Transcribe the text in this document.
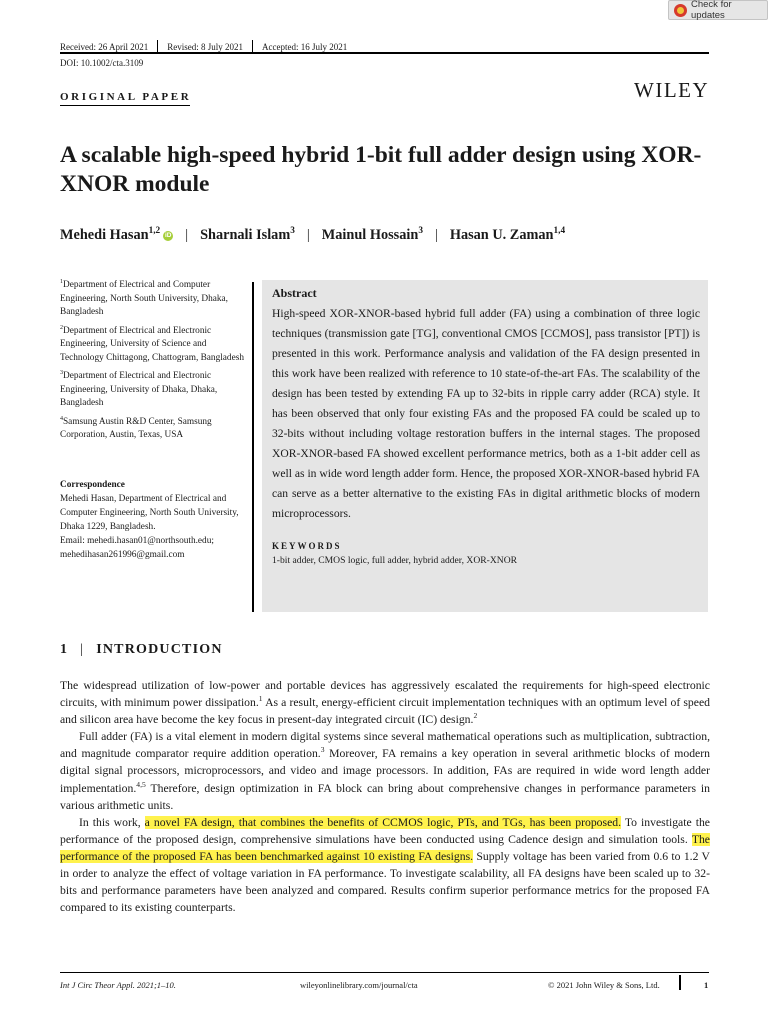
Check for updates
Received: 26 April 2021 Revised: 8 July 2021 Accepted: 16 July 2021
DOI: 10.1002/cta.3109
ORIGINAL PAPER	WILEY
A scalable high-speed hybrid 1-bit full adder design using XOR-XNOR module
Mehedi Hasan$^{1,2}$ iD | Sharnali Islam$^3$ | Mainul Hossain$^3$ | Hasan U. Zaman$^{1,4}$
$^1$Department of Electrical and Computer Engineering, North South University, Dhaka, Bangladesh
$^2$Department of Electrical and Electronic Engineering, University of Science and Technology Chittagong, Chattogram, Bangladesh
$^3$Department of Electrical and Electronic Engineering, University of Dhaka, Dhaka, Bangladesh
$^4$Samsung Austin R&D Center, Samsung Corporation, Austin, Texas, USA
Correspondence
Mehedi Hasan, Department of Electrical and Computer Engineering, North South University, Dhaka 1229, Bangladesh.
Email: mehedi.hasan01@northsouth.edu; mehedihasan261996@gmail.com
Abstract
High-speed XOR-XNOR-based hybrid full adder (FA) using a combination of three logic techniques (transmission gate [TG], conventional CMOS [CCMOS], pass transistor [PT]) is presented in this work. Performance analysis and validation of the FA design presented in this work have been realized with reference to 10 state-of-the-art FAs. The scalability of the design has been tested by extending FA up to 32-bits in ripple carry adder (RCA) style. It has been observed that only four existing FAs and the proposed FA could be scaled up to 32-bits without including voltage restoration buffers in the internal stages. The proposed XOR-XNOR-based FA showed excellent performance metrics, both as a 1-bit adder cell as well as in wide word length adder form. Hence, the proposed XOR-XNOR-based hybrid FA can serve as a better alternative to the existing FAs in digital arithmetic blocks of modern microprocessors.
KEYWORDS
1-bit adder, CMOS logic, full adder, hybrid adder, XOR-XNOR
1 | INTRODUCTION

The widespread utilization of low-power and portable devices has aggressively escalated the requirements for high-speed electronic circuits, with minimum power dissipation.$^1$ As a result, energy-efficient circuit implementation techniques with an optimum level of speed and silicon area have become the key focus in present-day integrated circuit (IC) design.$^2$

Full adder (FA) is a vital element in modern digital systems since several mathematical operations such as multiplication, subtraction, and magnitude comparator require addition operation.$^3$ Moreover, FA remains a key operation in several arithmetic blocks of modern digital signal processors, microprocessors, and video and image processors. In addition, FAs are required in wide word length adder implementation.$^{4,5}$ Therefore, design optimization in FA block can bring about comprehensive changes in performance parameters in various arithmetic units.

In this work, a novel FA design, that combines the benefits of CCMOS logic, PTs, and TGs, has been proposed. To investigate the performance of the proposed design, comprehensive simulations have been conducted using Cadence design and simulation tools. The performance of the proposed FA has been benchmarked against 10 existing FA designs. Supply voltage has been varied from 0.6 to 1.2 V in order to analyze the effect of voltage variation in FA performance. To investigate scalability, all FA designs have been scaled up to 32-bits and performance parameters have been analyzed and compared. Results confirm superior performance metrics for the proposed FA compared to its existing counterparts.

Int J Circ Theor Appl. 2021;1–10.	wileyonlinelibrary.com/journal/cta	© 2021 John Wiley & Sons, Ltd.	1
